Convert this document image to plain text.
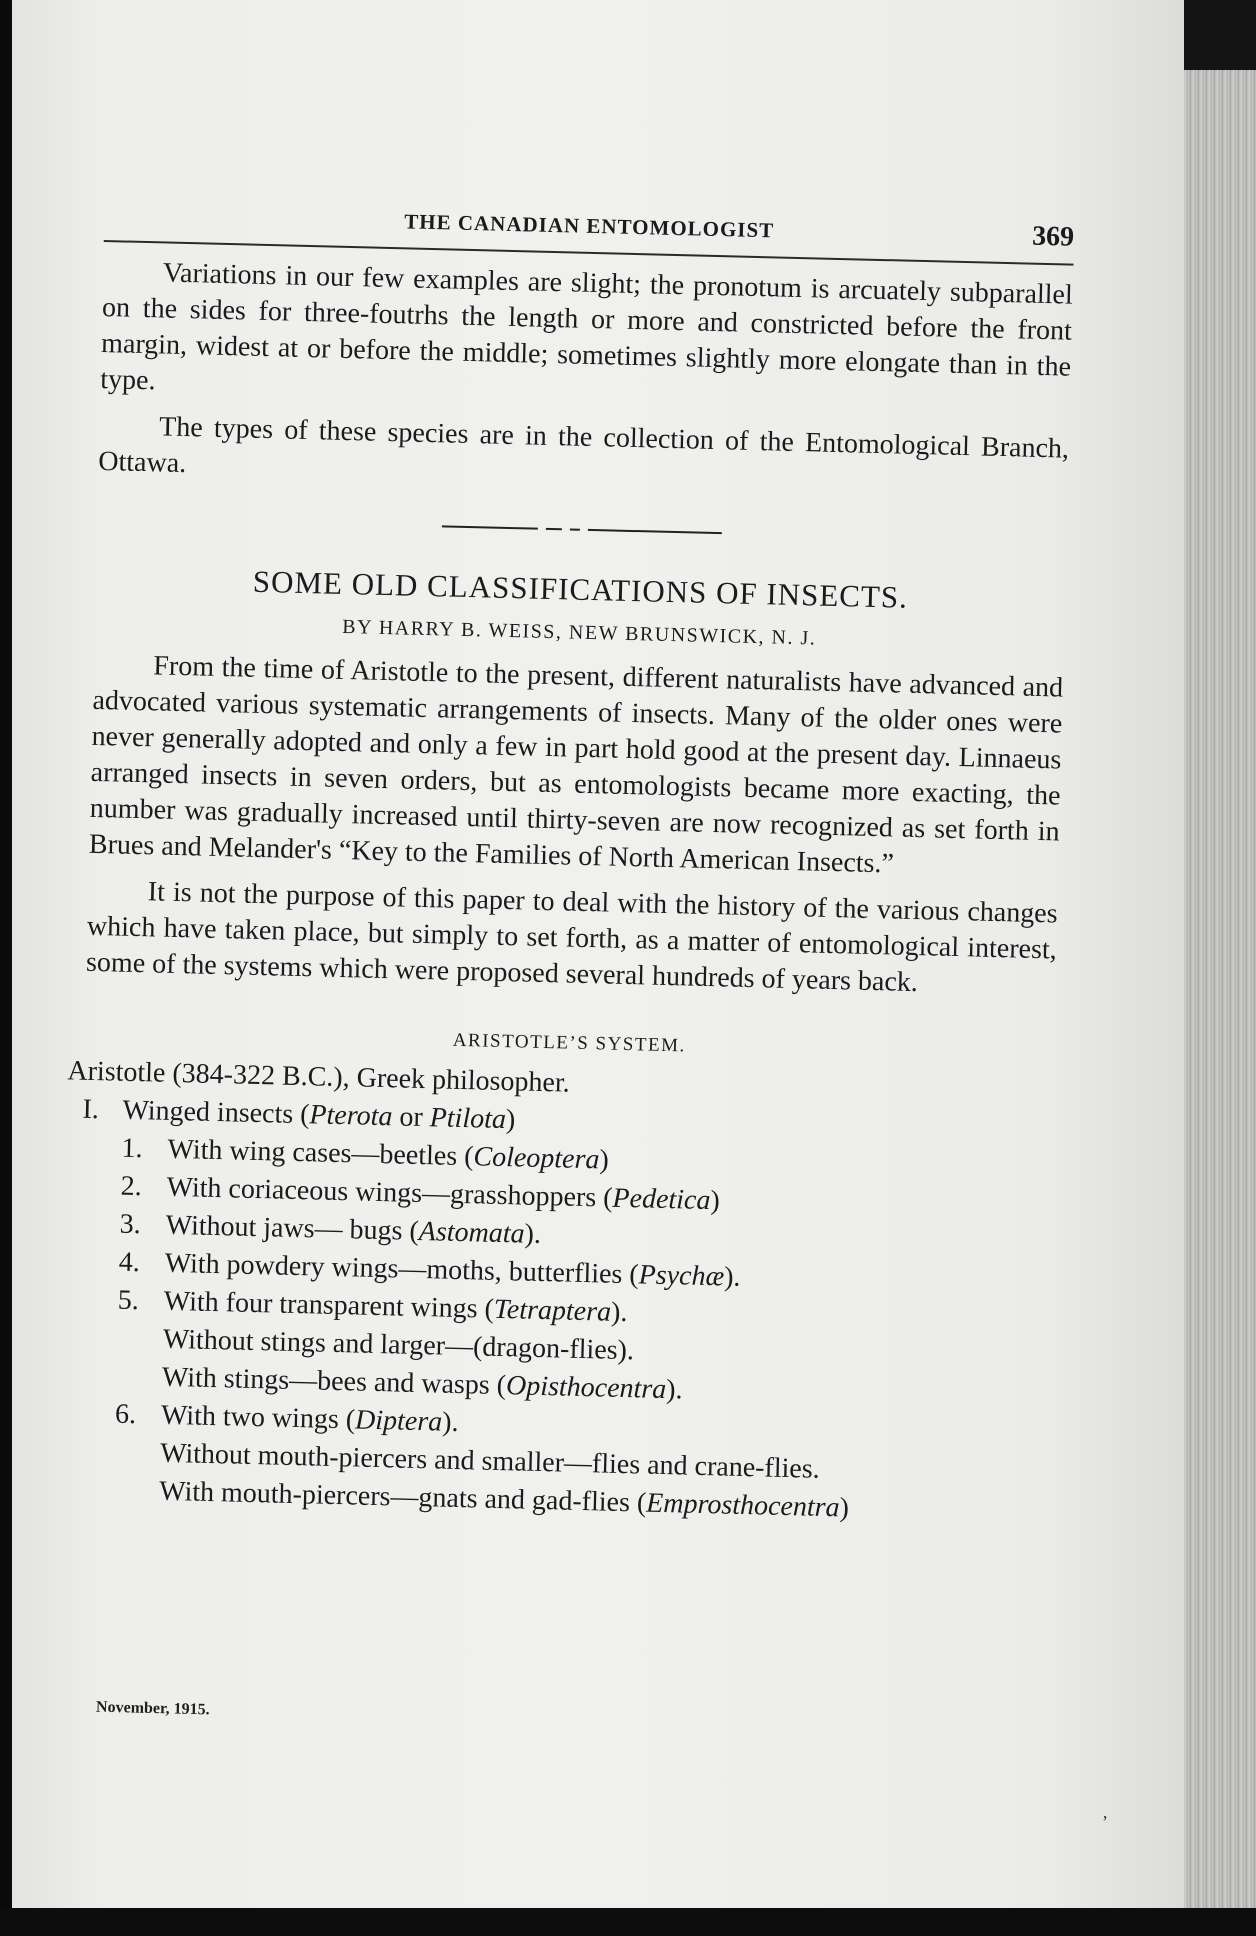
THE CANADIAN ENTOMOLOGIST	369

Variations in our few examples are slight; the pronotum is arcuately subparallel on the sides for three-foutrhs the length or more and constricted before the front margin, widest at or before the middle; sometimes slightly more elongate than in the type.

The types of these species are in the collection of the Entomological Branch, Ottawa.

SOME OLD CLASSIFICATIONS OF INSECTS.
BY HARRY B. WEISS, NEW BRUNSWICK, N. J.

From the time of Aristotle to the present, different naturalists have advanced and advocated various systematic arrangements of insects. Many of the older ones were never generally adopted and only a few in part hold good at the present day. Linnaeus arranged insects in seven orders, but as entomologists became more exacting, the number was gradually increased until thirty-seven are now recognized as set forth in Brues and Melander's “Key to the Families of North American Insects.”

It is not the purpose of this paper to deal with the history of the various changes which have taken place, but simply to set forth, as a matter of entomological interest, some of the systems which were proposed several hundreds of years back.

ARISTOTLE’S SYSTEM.
Aristotle (384-322 B.C.), Greek philosopher.
I. Winged insects (Pterota or Ptilota)
1. With wing cases—beetles (Coleoptera)
2. With coriaceous wings—grasshoppers (Pedetica)
3. Without jaws— bugs (Astomata).
4. With powdery wings—moths, butterflies (Psychæ).
5. With four transparent wings (Tetraptera).
Without stings and larger—(dragon-flies).
With stings—bees and wasps (Opisthocentra).
6. With two wings (Diptera).
Without mouth-piercers and smaller—flies and crane-flies.
With mouth-piercers—gnats and gad-flies (Emprosthocentra)
November, 1915.
’
